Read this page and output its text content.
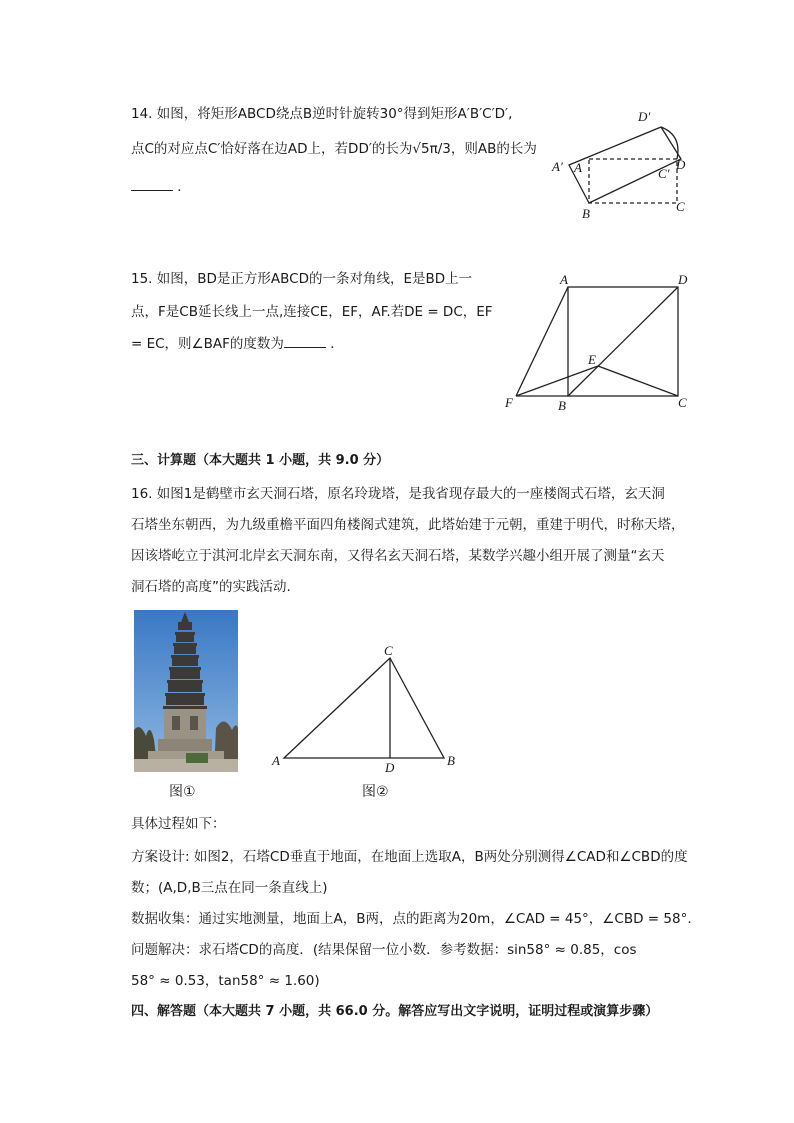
14. 如图，将矩形ABCD绕点B逆时针旋转30°得到矩形A′B′C′D′,
点C的对应点C′恰好落在边AD上，若DD′的长为√5π/3，则AB的长为
．
A′ A
B	C
C′
D
D′
15. 如图，BD是正方形ABCD的一条对角线，E是BD上一
点，F是CB延长线上一点,连接CE，EF，AF.若DE = DC，EF
= EC，则∠BAF的度数为	．
A	D
B	C
E
F
三、计算题（本大题共 1 小题，共 9.0 分）
16. 如图1是鹤壁市玄天洞石塔，原名玲珑塔，是我省现存最大的一座楼阁式石塔，玄天洞
石塔坐东朝西，为九级重檐平面四角楼阁式建筑，此塔始建于元朝，重建于明代，时称天塔，
因该塔屹立于淇河北岸玄天洞东南，又得名玄天洞石塔，某数学兴趣小组开展了测量“玄天
洞石塔的高度”的实践活动.
图①
A	B
C
D
图②
具体过程如下：
方案设计: 如图2，石塔CD垂直于地面，在地面上选取A，B两处分别测得∠CAD和∠CBD的度
数；(A,D,B三点在同一条直线上)
数据收集：通过实地测量，地面上A，B两，点的距离为20m，∠CAD = 45°，∠CBD = 58°.
问题解决：求石塔CD的高度．(结果保留一位小数．参考数据：sin58° ≈ 0.85，cos
58° ≈ 0.53，tan58° ≈ 1.60)
四、解答题（本大题共 7 小题，共 66.0 分。解答应写出文字说明，证明过程或演算步骤）
